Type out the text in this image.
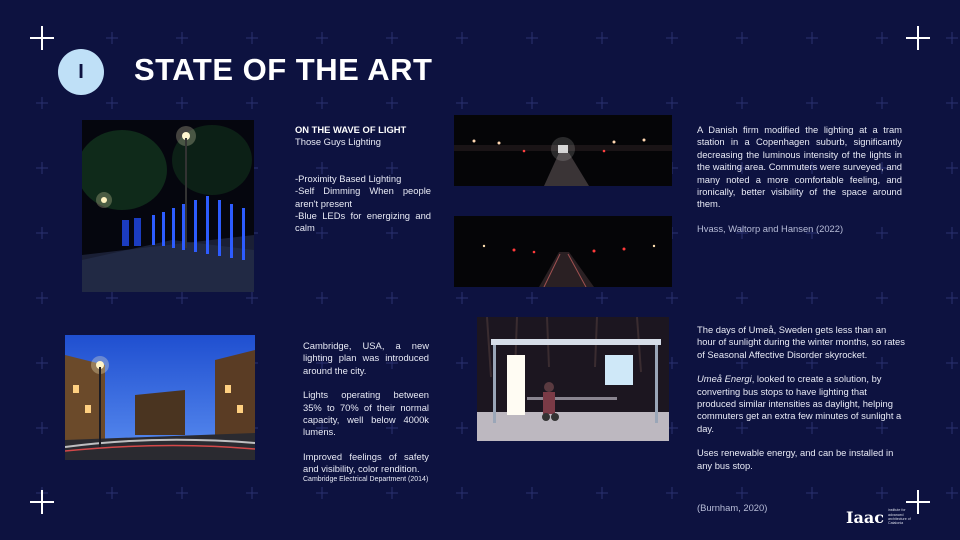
I	STATE OF THE ART

ON THE WAVE OF LIGHT

Those Guys Lighting

-Proximity Based Lighting

-Self Dimming When people aren't present

-Blue LEDs for energizing and calm

A Danish firm modified the lighting at a tram station in a Copenhagen suburb, significantly decreasing the luminous intensity of the lights in the waiting area. Commuters were surveyed, and many noted a more comfortable feeling, and ironically, better visibility of the space around them.

Hvass, Waltorp and Hansen (2022)

Cambridge, USA, a new lighting plan was introduced around the city.

Lights operating between 35% to 70% of their normal capacity, well below 4000k lumens.

Improved feelings of safety and visibility, color rendition.

Cambridge Electrical Department (2014)

The days of Umeå, Sweden gets less than an hour of sunlight during the winter months, so rates of Seasonal Affective Disorder skyrocket.

Umeå Energi, looked to create a solution, by converting bus stops to have lighting that produced similar intensities as daylight, helping commuters get an extra few minutes of sunlight a day.

Uses renewable energy, and can be installed in any bus stop.

(Burnham, 2020)	Iaac institute for advanced architecture of Catalonia
